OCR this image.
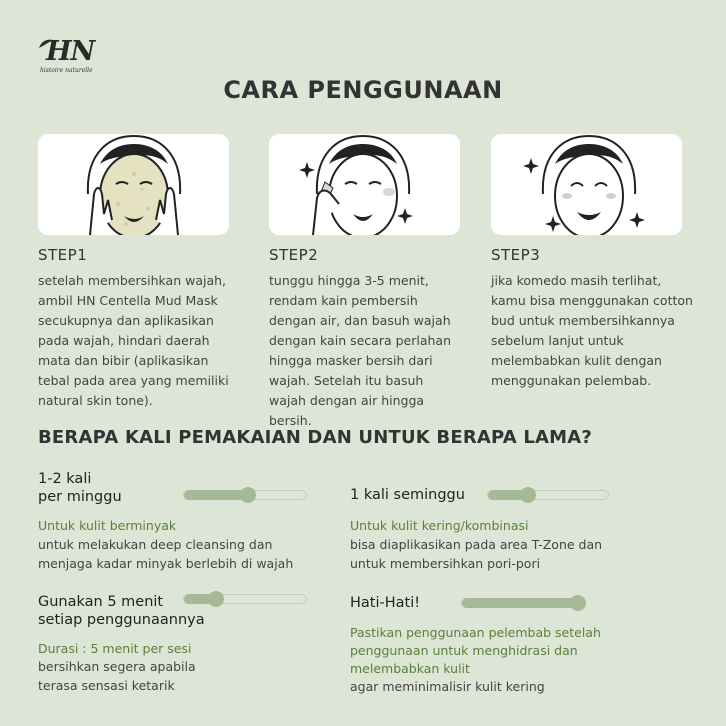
HN
histoire naturelle
CARA PENGGUNAAN
STEP1	STEP2	STEP3
setelah membersihkan wajah, ambil HN Centella Mud Mask secukupnya dan aplikasikan pada wajah, hindari daerah mata dan bibir (aplikasikan tebal pada area yang memiliki natural skin tone).
tunggu hingga 3-5 menit, rendam kain pembersih dengan air, dan basuh wajah dengan kain secara perlahan hingga masker bersih dari wajah. Setelah itu basuh wajah dengan air hingga bersih.
jika komedo masih terlihat, kamu bisa menggunakan cotton bud untuk membersihkannya sebelum lanjut untuk melembabkan kulit dengan menggunakan pelembab.
BERAPA KALI PEMAKAIAN DAN UNTUK BERAPA LAMA?
1-2 kali
per minggu
Untuk kulit berminyak
untuk melakukan deep cleansing dan
menjaga kadar minyak berlebih di wajah
1 kali seminggu
Untuk kulit kering/kombinasi
bisa diaplikasikan pada area T-Zone dan
untuk membersihkan pori-pori
Gunakan 5 menit
setiap penggunaannya
Durasi : 5 menit per sesi
bersihkan segera apabila
terasa sensasi ketarik
Hati-Hati!
Pastikan penggunaan pelembab setelah
penggunaan untuk menghidrasi dan
melembabkan kulit
agar meminimalisir kulit kering
